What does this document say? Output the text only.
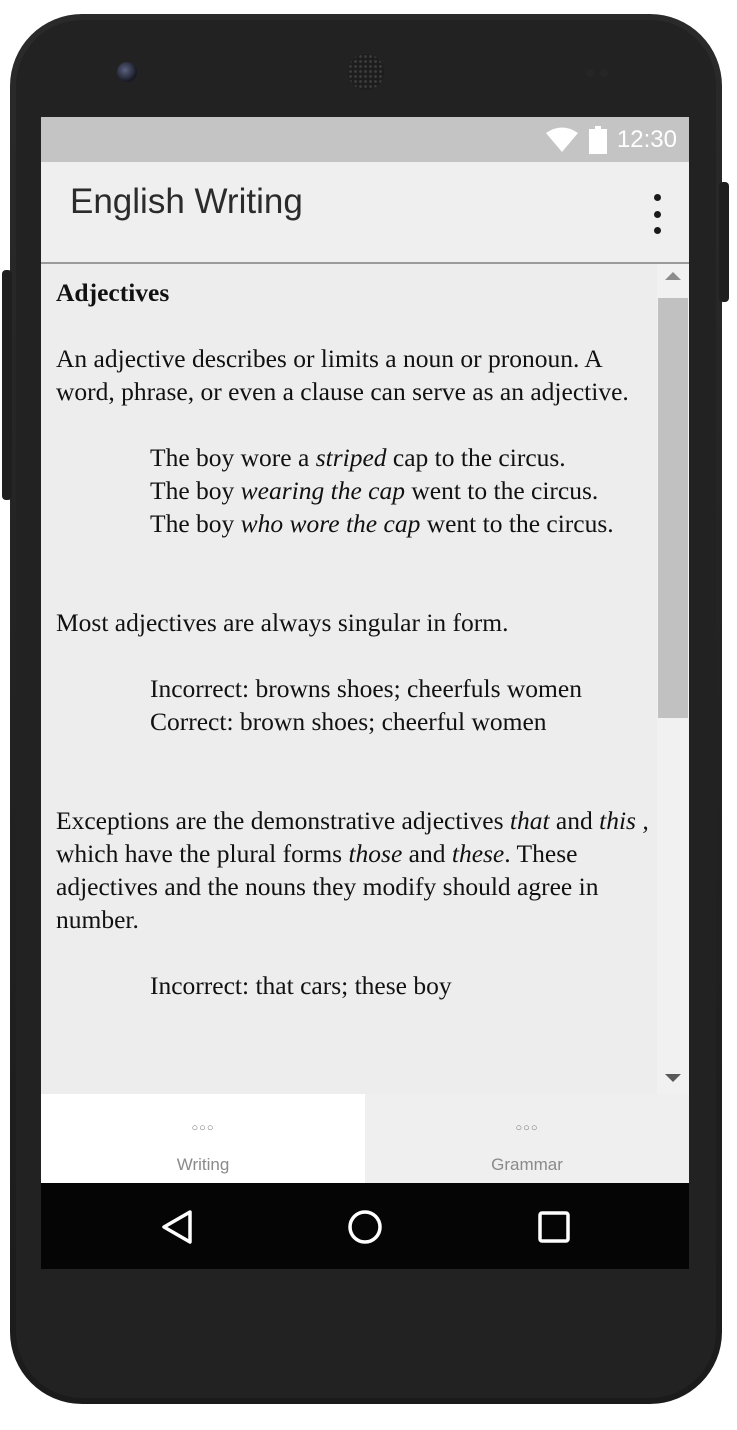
12:30
English Writing

Adjectives

An adjective describes or limits a noun or pronoun. A word, phrase, or even a clause can serve as an adjective.

The boy wore a striped cap to the circus.

The boy wearing the cap went to the circus.

The boy who wore the cap went to the circus.

Most adjectives are always singular in form.

Incorrect: browns shoes; cheerfuls women

Correct: brown shoes; cheerful women

Exceptions are the demonstrative adjectives that and this , which have the plural forms those and these. These adjectives and the nouns they modify should agree in number.

Incorrect: that cars; these boy

○○○
Writing
○○○
Grammar
